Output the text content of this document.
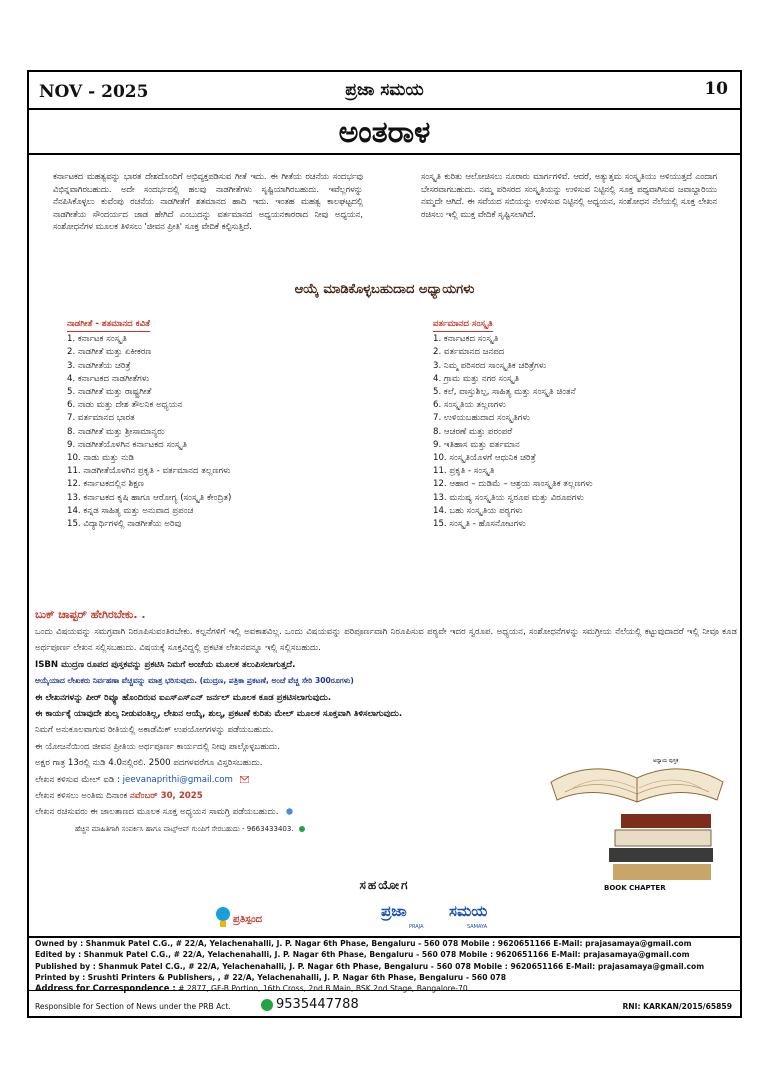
NOV - 2025	ಪ್ರಜಾ ಸಮಯ	10
ಅಂತರಾಳ

ಕರ್ನಾಟಕದ ಮಹತ್ವವನ್ನು ಭಾರತ ದೇಶದೊಂದಿಗೆ ಅಭಿವ್ಯಕ್ತಪಡಿಸುವ ಗೀತೆ ಇದು. ಈ ಗೀತೆಯ ರಚನೆಯ ಸಂದರ್ಭವು ವಿಭಿನ್ನವಾಗಿರಬಹುದು. ಅದೇ ಸಂದರ್ಭದಲ್ಲಿ ಹಲವು ನಾಡಗೀತೆಗಳು ಸೃಷ್ಟಿಯಾಗಿರಬಹುದು. ಇವೆಲ್ಲಗಳನ್ನು ನೆನಪಿಸಿಕೊಳ್ಳಲು ಕುವೆಂಪು ರಚನೆಯ ನಾಡಗೀತೆಗೆ ಶತಮಾನದ ಹಾದಿ ಇದು. ಇಂತಹ ಮಹತ್ವ ಕಾಲಘಟ್ಟದಲ್ಲಿ ನಾಡಗೀತೆಯ ಸೌಂದರ್ಯದ ಜಾಡ ಹೇಗಿದೆ ಎಂಬುದನ್ನು ವರ್ತಮಾನದ ಅಧ್ಯಯನಕಾರರಾದ ನೀವು ಅಧ್ಯಯನ, ಸಂಶೋಧನೆಗಳ ಮೂಲಕ ತಿಳಿಸಲು 'ಜೀವನ ಪ್ರೀತಿ' ಸೂಕ್ತ ವೇದಿಕೆ ಕಲ್ಪಿಸುತ್ತಿದೆ.

ಸಂಸ್ಕೃತಿ ಕುರಿತು ಆಲೋಚಿಸಲು ನೂರಾರು ಮಾರ್ಗಗಳಿವೆ. ಆದರೆ, ಅತ್ಯುತ್ತಮ ಸಂಸ್ಕೃತಿಯು ಅಳಿಯುತ್ತದೆ ಎಂದಾಗ ಬೇಸರವಾಗಬಹುದು. ನಮ್ಮ ಪರಿಸರದ ಸಂಸ್ಕೃತಿಯನ್ನು ಉಳಿಸುವ ನಿಟ್ಟಿನಲ್ಲಿ ಸೂಕ್ತ ಪಥ್ಯವಾಗಿಸುವ ಜವಾಬ್ದಾರಿಯು ನಮ್ಮದೇ ಆಗಿದೆ. ಈ ಸವೆಯದ ಸಬಿಯನ್ನು ಉಳಿಸುವ ನಿಟ್ಟಿನಲ್ಲಿ ಅಧ್ಯಯನ, ಸಂಶೋಧನ ನೆಲೆಯಲ್ಲಿ ಸೂಕ್ತ ಲೇಖನ ರಚಿಸಲು ಇಲ್ಲಿ ಮುಕ್ತ ವೇದಿಕೆ ಸೃಷ್ಟಿಸಲಾಗಿದೆ.

ಆಯ್ಕೆ ಮಾಡಿಕೊಳ್ಳಬಹುದಾದ ಅಧ್ಯಾಯಗಳು
ನಾಡಗೀತೆ - ಶತಮಾನದ ಕವಿತೆ
1. ಕರ್ನಾಟಕ ಸಂಸ್ಕೃತಿ
2. ನಾಡಗೀತೆ ಮತ್ತು ಏಕೀಕರಣ
3. ನಾಡಗೀತೆಯ ಚರಿತ್ರೆ
4. ಕರ್ನಾಟಕದ ನಾಡಗೀತೆಗಳು
5. ನಾಡಗೀತೆ ಮತ್ತು ರಾಷ್ಟ್ರಗೀತೆ
6. ನಾಡು ಮತ್ತು ದೇಶ ತೌಲನಿಕ ಅಧ್ಯಯನ
7. ವರ್ತಮಾನದ ಭಾರತ
8. ನಾಡಗೀತೆ ಮತ್ತು ಶ್ರೀಸಾಮಾನ್ಯರು
9. ನಾಡಗೀತೆಯೊಳಗಿನ ಕರ್ನಾಟಕದ ಸಂಸ್ಕೃತಿ
10. ನಾಡು ಮತ್ತು ನುಡಿ
11. ನಾಡಗೀತೆಯೊಳಗಿನ ಪ್ರಕೃತಿ - ವರ್ತಮಾನದ ತಲ್ಲಣಗಳು
12. ಕರ್ನಾಟಕದಲ್ಲಿನ ಶಿಕ್ಷಣ
13. ಕರ್ನಾಟಕದ ಕೃಷಿ ಹಾಗೂ ಆರೋಗ್ಯ (ಸಂಸ್ಕೃತಿ ಕೇಂದ್ರಿತ)
14. ಕನ್ನಡ ಸಾಹಿತ್ಯ ಮತ್ತು ಅನುವಾದ ಪ್ರಪಂಚ
15. ವಿದ್ಯಾರ್ಥಿಗಳಲ್ಲಿ ನಾಡಗೀತೆಯ ಅರಿವು
ವರ್ತಮಾನದ ಸಂಸ್ಕೃತಿ
1. ಕರ್ನಾಟಕದ ಸಂಸ್ಕೃತಿ
2. ವರ್ತಮಾನದ ಜನಪದ
3. ನಿಮ್ಮ ಪರಿಸರದ ಸಾಂಸ್ಕೃತಿಕ ಚರಿತ್ರೆಗಳು
4. ಗ್ರಾಮ ಮತ್ತು ನಗರ ಸಂಸ್ಕೃತಿ
5. ಕಲೆ, ವಾಸ್ತುಶಿಲ್ಪ, ಸಾಹಿತ್ಯ ಮತ್ತು ಸಂಸ್ಕೃತಿ ಚಿಂತನೆ
6. ಸಂಸ್ಕೃತಿಯ ತಲ್ಲಣಗಳು
7. ಉಳಿಯಬಹುದಾದ ಸಂಸ್ಕೃತಿಗಳು
8. ಆಚರಣೆ ಮತ್ತು ಪರಂಪರೆ
9. ಇತಿಹಾಸ ಮತ್ತು ವರ್ತಮಾನ
10. ಸಂಸ್ಕೃತಿಯೊಳಗೆ ಆಧುನಿಕ ಚರಿತ್ರೆ
11. ಪ್ರಕೃತಿ - ಸಂಸ್ಕೃತಿ
12. ಆಹಾರ – ದುಡಿಮೆ – ಆಶ್ರಯ ಸಾಂಸ್ಕೃತಿಕ ತಲ್ಲಣಗಳು
13. ಮನುಷ್ಯ ಸಂಸ್ಕೃತಿಯ ಸ್ವರೂಪ ಮತ್ತು ವಿರೂಪಗಳು
14. ಬಹು ಸಂಸ್ಕೃತಿಯ ಪಠ್ಯಗಳು
15. ಸಂಸ್ಕೃತಿ - ಹೊಸನೋಟಗಳು
ಬುಕ್ ಚಾಪ್ಟರ್ ಹೇಗಿರಬೇಕು. .

ಒಂದು ವಿಷಯವನ್ನು ಸಮಗ್ರವಾಗಿ ನಿರೂಪಿಸುವಂತಿರಬೇಕು. ಕಲ್ಪನೆಗಳಿಗೆ ಇಲ್ಲಿ ಅವಕಾಶವಿಲ್ಲ. ಒಂದು ವಿಷಯವನ್ನು ಪರಿಪೂರ್ಣವಾಗಿ ನಿರೂಪಿಸುವ ಪಠ್ಯವೇ ಇದರ ಸ್ವರೂಪ. ಅಧ್ಯಯನ, ಸಂಶೋಧನೆಗಳನ್ನು ಸಮಗ್ರೀಯ ನೆಲೆಯಲ್ಲಿ ಕಟ್ಟುವುದಾದರೆ ಇಲ್ಲಿ ನೀವೂ ಕೂಡ ಅರ್ಥಪೂರ್ಣ ಲೇಖನ ಸಲ್ಲಿಸಬಹುದು. ವಿಷಯಕ್ಕೆ ಸೂಕ್ತವಿದ್ದಲ್ಲಿ ಪ್ರಕಟಿತ ಲೇಖನವನ್ನೂ ಇಲ್ಲಿ ಸಲ್ಲಿಸಬಹುದು.

ISBN ಮುದ್ರಣ ರೂಪದ ಪುಸ್ತಕವನ್ನು ಪ್ರಕಟಿಸಿ ನಿಮಗೆ ಅಂಚೆಯ ಮೂಲಕ ತಲುಪಿಸಲಾಗುತ್ತದೆ.

ಆಯ್ಕೆಯಾದ ಲೇಖಕರು ನಿರ್ವಹಣಾ ವೆಚ್ಚವನ್ನು ಮಾತ್ರ ಭರಿಸುವುದು. (ಮುದ್ರಣ, ಪತ್ರಿಕಾ ಪ್ರಕಟಣೆ, ಅಂಚೆ ವೆಚ್ಚ ಸೇರಿ 300ರೂಗಳು)

ಈ ಲೇಖನಗಳನ್ನು ಪೀರ್ ರಿವ್ಯೂ ಹೊಂದಿರುವ ಐಎಸ್ಎಸ್ಎನ್ ಜರ್ನಲ್ ಮೂಲಕ ಕೂಡ ಪ್ರಕಟಿಸಲಾಗುವುದು.

ಈ ಕಾರ್ಯಕ್ಕೆ ಯಾವುದೇ ಶುಲ್ಕ ನೀಡುವಂತಿಲ್ಲ, ಲೇಖನ ಆಯ್ಕೆ, ಶುಲ್ಕ, ಪ್ರಕಟಣೆ ಕುರಿತು ಮೇಲ್ ಮೂಲಕ ಸೂಕ್ತವಾಗಿ ತಿಳಿಸಲಾಗುವುದು.

ನಿಮಗೆ ಅನುಕೂಲವಾಗುವ ರೀತಿಯಲ್ಲಿ ಅಕಾಡೆಮಿಕ್ ಉಪಯೋಗಗಳನ್ನು ಪಡೆಯಬಹುದು.

ಈ ಯೋಜನೆಯಿಂದ ಜೀವನ ಪ್ರೀತಿಯ ಅರ್ಥಪೂರ್ಣ ಕಾರ್ಯದಲ್ಲಿ ನೀವು ಪಾಲ್ಗೊಳ್ಳಬಹುದು.

ಅಕ್ಷರ ಗಾತ್ರ 13ರಲ್ಲಿ ನುಡಿ 4.0ನಲ್ಲಿರಲಿ. 2500 ಪದಗಳವರೆಗೂ ವಿಸ್ತರಿಸಬಹುದು.

ಲೇಖನ ಕಳಿಸುವ ಮೇಲ್ ಐಡಿ : jeevanaprithi@gmail.com

ಲೇಖನ ಕಳಿಸಲು ಅಂತಿಮ ದಿನಾಂಕ ನವೆಂಬರ್ 30, 2025

ಲೇಖನ ರಚಿಸುವರು ಈ ಜಾಲತಾಣದ ಮೂಲಕ ಸೂಕ್ತ ಅಧ್ಯಯನ ಸಾಮಗ್ರಿ ಪಡೆಯಬಹುದು.

ಹೆಚ್ಚಿನ ಮಾಹಿತಿಗಾಗಿ ಸಂಪರ್ಕಿಸಿ ಹಾಗೂ ವಾಟ್ಸ್‌ಆಪ್ ಗುಂಪಿಗೆ ಸೇರಬಹುದು - 9663433403.

ಅಧ್ಯಾಯ ಪುಸ್ತಕ
BOOK CHAPTER
ಸಹಯೋಗ
ಪ್ರತಿಸ್ಪಂದ	ಪ್ರಜಾ	ಸಮಯ
PRAJA	SAMAYA

Owned by : Shanmuk Patel C.G., # 22/A, Yelachenahalli, J. P. Nagar 6th Phase, Bengaluru - 560 078 Mobile : 9620651166 E-Mail: prajasamaya@gmail.com

Edited by : Shanmuk Patel C.G., # 22/A, Yelachenahalli, J. P. Nagar 6th Phase, Bengaluru - 560 078 Mobile : 9620651166 E-Mail: prajasamaya@gmail.com

Published by : Shanmuk Patel C.G., # 22/A, Yelachenahalli, J. P. Nagar 6th Phase, Bengaluru - 560 078 Mobile : 9620651166 E-Mail: prajasamaya@gmail.com

Printed by : Srushti Printers & Publishers, , # 22/A, Yelachenahalli, J. P. Nagar 6th Phase, Bengaluru - 560 078

Address for Correspondence : # 2877, GF-B Portion, 16th Cross, 2nd B Main, BSK 2nd Stage, Bangalore-70

Responsible for Section of News under the PRB Act.	9535447788	RNI: KARKAN/2015/65859
